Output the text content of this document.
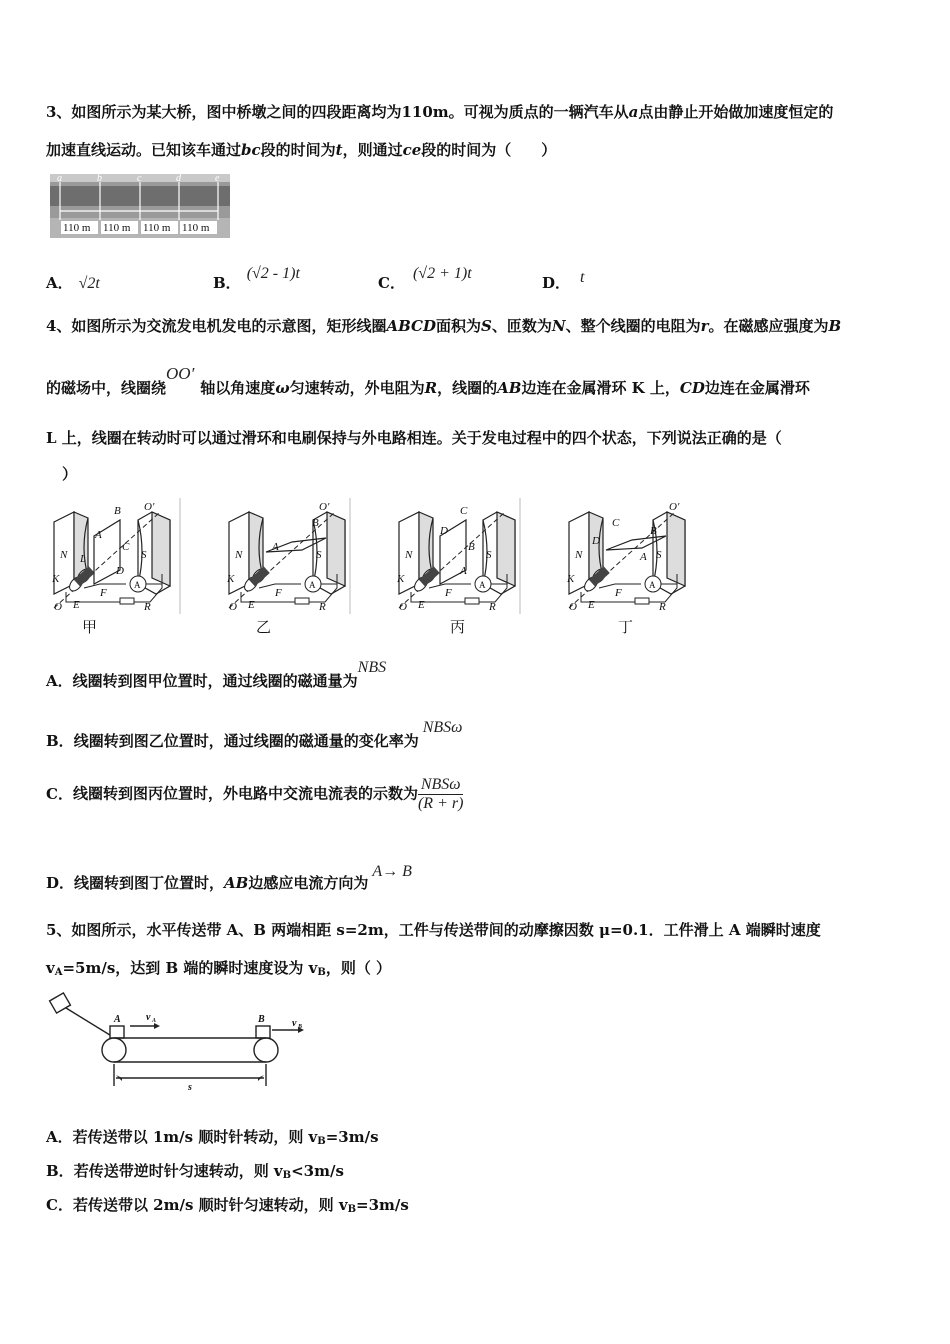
3、如图所示为某大桥，图中桥墩之间的四段距离均为110m。可视为质点的一辆汽车从a点由静止开始做加速度恒定的
加速直线运动。已知该车通过bc段的时间为t，则通过ce段的时间为（　　）
a	b	c	d	e
110 m 110 m 110 m 110 m
A． √2t	B．(√2 - 1)t
C．(√2 + 1)t
D． t
4、如图所示为交流发电机发电的示意图，矩形线圈ABCD面积为S、匝数为N、整个线圈的电阻为r。在磁感应强度为B
的磁场中，线圈绕OO′轴以角速度ω匀速转动，外电阻为R，线圈的AB边连在金属滑环 K 上，CD边连在金属滑环
L 上，线圈在转动时可以通过滑环和电刷保持与外电路相连。关于发电过程中的四个状态，下列说法正确的是（
）
N	S
B
A
C
D
O′
K
L
E
F
R
O
A
N	S
B
A
K
E
F
R
O
O′
A
N	S
C
B
D
A
K
E
F
R
O
A
N	S
C
D
B
A
K
E
F
R
O
O′
A
甲	乙	丙	丁
A．线圈转到图甲位置时，通过线圈的磁通量为NBS
B．线圈转到图乙位置时，通过线圈的磁通量的变化率为NBSω
C．线圈转到图丙位置时，外电路中交流电流表的示数为 $\frac{\text{NBSω}}{(R + r)}$
D．线圈转到图丁位置时，AB边感应电流方向为A→ B
5、如图所示，水平传送带 A、B 两端相距 s=2m，工件与传送带间的动摩擦因数 μ=0.1．工件滑上 A 端瞬时速度
$v_A=5m/s$，达到 B 端的瞬时速度设为 $v_B$，则（ ）
A	B
v A	v B
s
A．若传送带以 1m/s 顺时针转动，则 $v_B=3m/s$
B．若传送带逆时针匀速转动，则 $v_B<3m/s$
C．若传送带以 2m/s 顺时针匀速转动，则 $v_B=3m/s$
